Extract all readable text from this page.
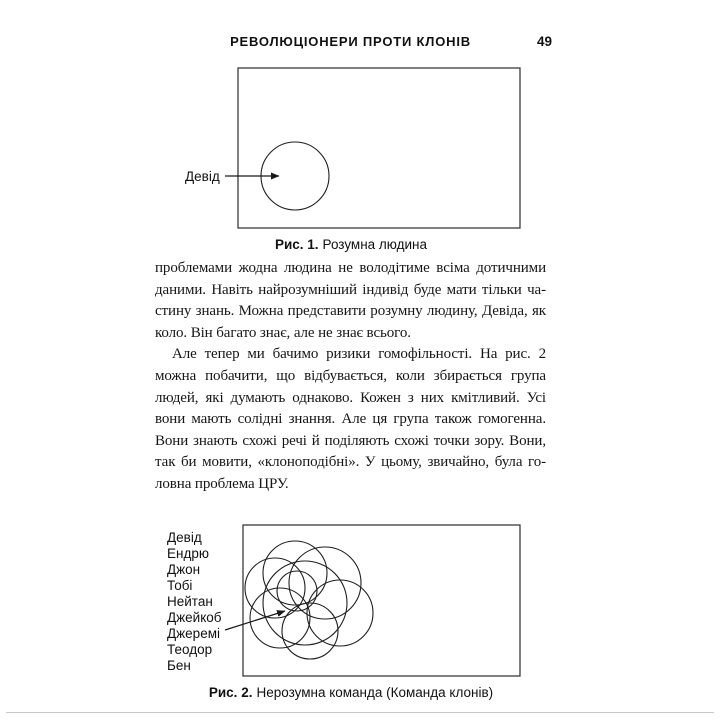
РЕВОЛЮЦІОНЕРИ ПРОТИ КЛОНІВ	49
Девід
Рис. 1. Розумна людина
проблемами жодна людина не володітиме всіма дотичними
даними. Навіть найрозумніший індивід буде мати тільки ча-
стину знань. Можна представити розумну людину, Девіда, як
коло. Він багато знає, але не знає всього.
Але тепер ми бачимо ризики гомофільності. На рис. 2
можна побачити, що відбувається, коли збирається група
людей, які думають однаково. Кожен з них кмітливий. Усі
вони мають солідні знання. Але ця група також гомогенна.
Вони знають схожі речі й поділяють схожі точки зору. Вони,
так би мовити, «клоноподібні». У цьому, звичайно, була го-
ловна проблема ЦРУ.
Девід
Ендрю
Джон
Тобі
Нейтан
Джейкоб
Джеремі
Теодор
Бен
Рис. 2. Нерозумна команда (Команда клонів)
